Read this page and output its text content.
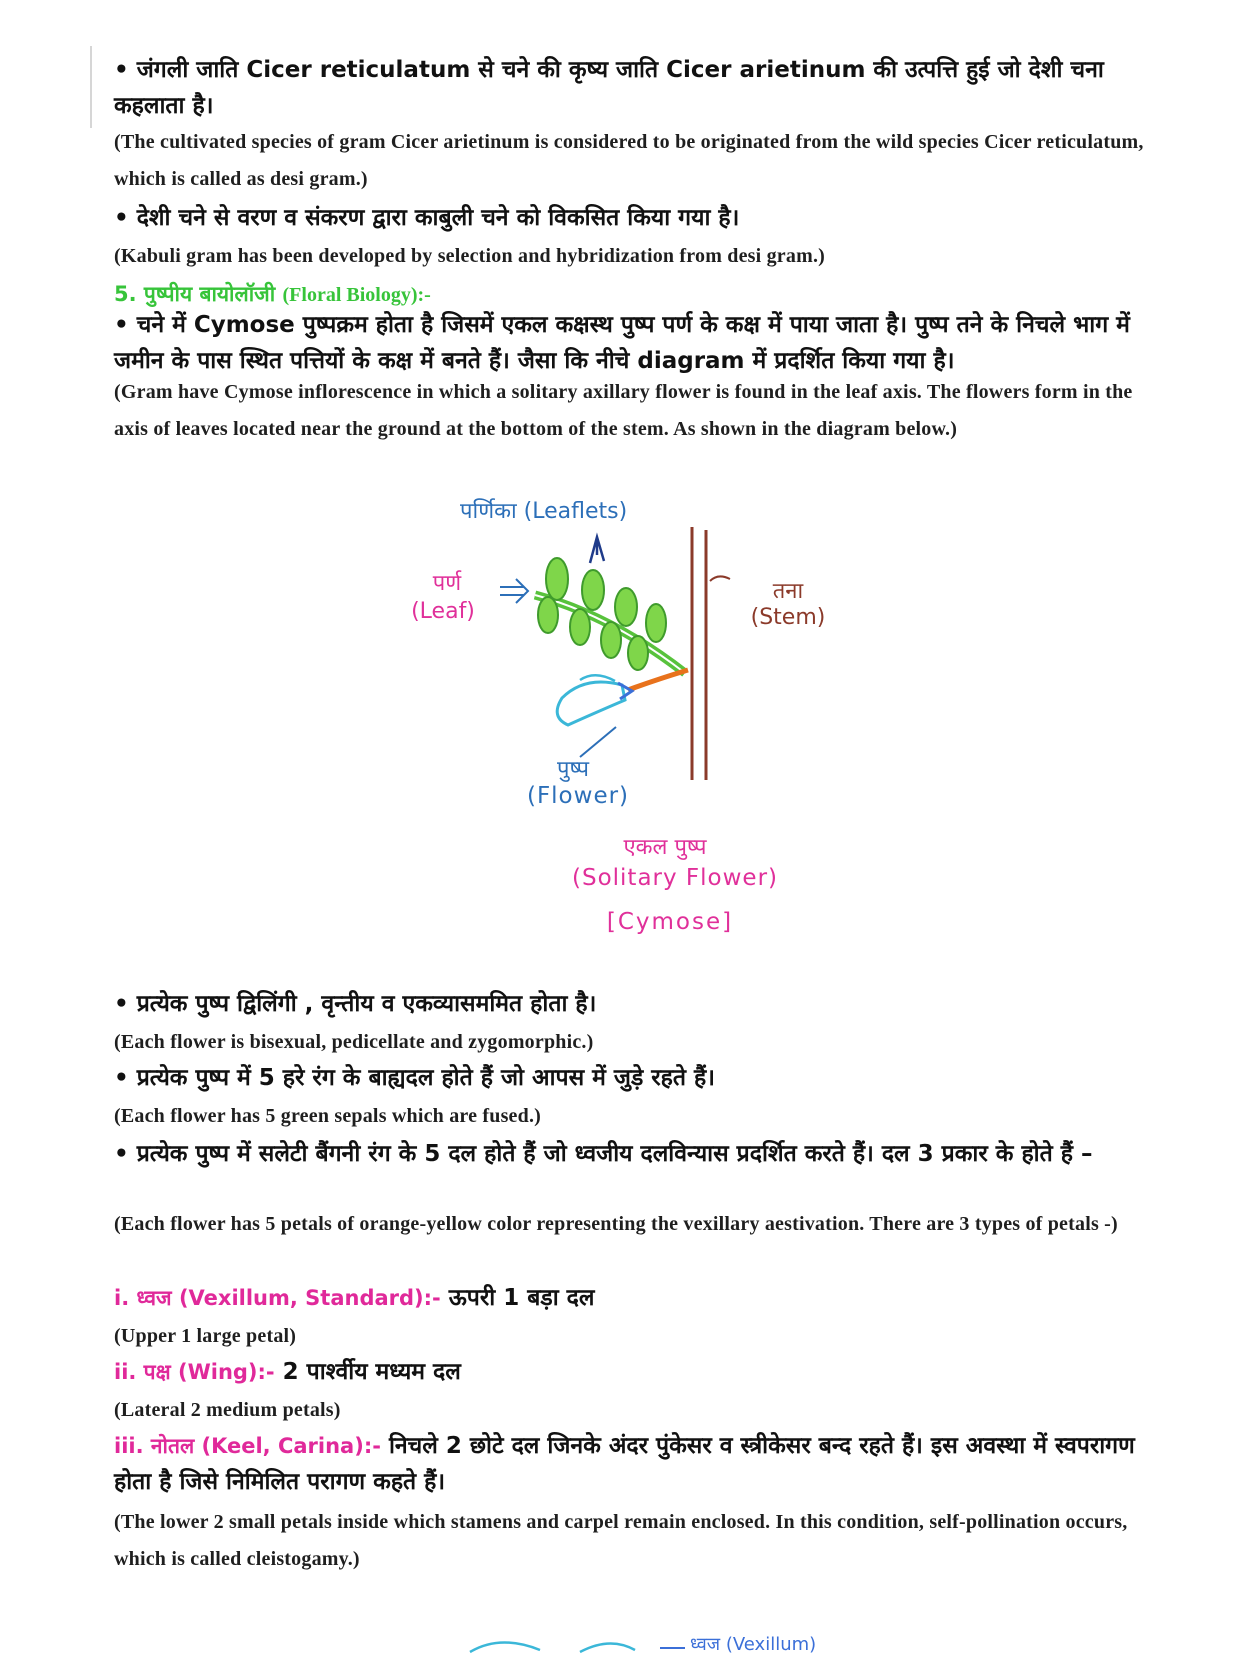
• जंगली जाति Cicer reticulatum से चने की कृष्य जाति Cicer arietinum की उत्पत्ति हुई जो देशी चना कहलाता है।
(The cultivated species of gram Cicer arietinum is considered to be originated from the wild species Cicer reticulatum, which is called as desi gram.)
• देशी चने से वरण व संकरण द्वारा काबुली चने को विकसित किया गया है।
(Kabuli gram has been developed by selection and hybridization from desi gram.)
5. पुष्पीय बायोलॉजी (Floral Biology):-
• चने में Cymose पुष्पक्रम होता है जिसमें एकल कक्षस्थ पुष्प पर्ण के कक्ष में पाया जाता है। पुष्प तने के निचले भाग में जमीन के पास स्थित पत्तियों के कक्ष में बनते हैं। जैसा कि नीचे diagram में प्रदर्शित किया गया है।
(Gram have Cymose inflorescence in which a solitary axillary flower is found in the leaf axis. The flowers form in the axis of leaves located near the ground at the bottom of the stem. As shown in the diagram below.)
पर्णिका (Leaflets)
पर्ण
(Leaf)
तना
(Stem)
पुष्प
(Flower)
एकल पुष्प
(Solitary Flower)
[Cymose]
• प्रत्येक पुष्प द्विलिंगी , वृन्तीय व एकव्यासममित होता है।
(Each flower is bisexual, pedicellate and zygomorphic.)
• प्रत्येक पुष्प में 5 हरे रंग के बाह्यदल होते हैं जो आपस में जुड़े रहते हैं।
(Each flower has 5 green sepals which are fused.)
• प्रत्येक पुष्प में सलेटी बैंगनी रंग के 5 दल होते हैं जो ध्वजीय दलविन्यास प्रदर्शित करते हैं। दल 3 प्रकार के होते हैं –
(Each flower has 5 petals of orange-yellow color representing the vexillary aestivation. There are 3 types of petals -)
i. ध्वज (Vexillum, Standard):- ऊपरी 1 बड़ा दल
(Upper 1 large petal)
ii. पक्ष (Wing):- 2 पार्श्वीय मध्यम दल
(Lateral 2 medium petals)
iii. नोतल (Keel, Carina):- निचले 2 छोटे दल जिनके अंदर पुंकेसर व स्त्रीकेसर बन्द रहते हैं। इस अवस्था में स्वपरागण होता है जिसे निमिलित परागण कहते हैं।
(The lower 2 small petals inside which stamens and carpel remain enclosed. In this condition, self-pollination occurs, which is called cleistogamy.)
ध्वज (Vexillum)
